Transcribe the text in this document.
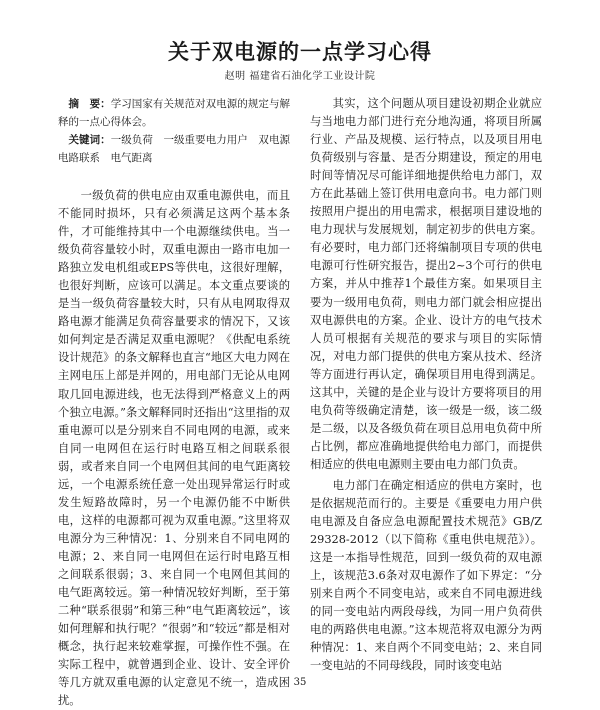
关于双电源的一点学习心得

赵明 福建省石油化学工业设计院

摘　要：学习国家有关规范对双电源的规定与解释的一点心得体会。

关键词：一级负荷　一级重要电力用户　双电源　电路联系　电气距离

一级负荷的供电应由双重电源供电，而且不能同时损坏，只有必须满足这两个基本条件，才可能维持其中一个电源继续供电。当一级负荷容量较小时，双重电源由一路市电加一路独立发电机组或EPS等供电，这很好理解，也很好判断，应该可以满足。本文重点要谈的是当一级负荷容量较大时，只有从电网取得双路电源才能满足负荷容量要求的情况下，又该如何判定是否满足双重电源呢？《供配电系统设计规范》的条文解释也直言“地区大电力网在主网电压上部是并网的，用电部门无论从电网取几回电源进线，也无法得到严格意义上的两个独立电源。”条文解释同时还指出“这里指的双重电源可以是分别来自不同电网的电源，或来自同一电网但在运行时电路互相之间联系很弱，或者来自同一个电网但其间的电气距离较远，一个电源系统任意一处出现异常运行时或发生短路故障时，另一个电源仍能不中断供电，这样的电源都可视为双重电源。”这里将双电源分为三种情况：1、分别来自不同电网的电源；2、来自同一电网但在运行时电路互相之间联系很弱；3、来自同一个电网但其间的电气距离较远。第一种情况较好判断，至于第二种“联系很弱”和第三种“电气距离较远”，该如何理解和执行呢？“很弱”和“较远”都是相对概念，执行起来较难掌握，可操作性不强。在实际工程中，就曾遇到企业、设计、安全评价等几方就双重电源的认定意见不统一，造成困扰。

其实，这个问题从项目建设初期企业就应与当地电力部门进行充分地沟通，将项目所属行业、产品及规模、运行特点，以及项目用电负荷级别与容量、是否分期建设，预定的用电时间等情况尽可能详细地提供给电力部门，双方在此基础上签订供用电意向书。电力部门则按照用户提出的用电需求，根据项目建设地的电力现状与发展规划，制定初步的供电方案。有必要时，电力部门还将编制项目专项的供电电源可行性研究报告，提出2~3个可行的供电方案，并从中推荐1个最佳方案。如果项目主要为一级用电负荷，则电力部门就会相应提出双电源供电的方案。企业、设计方的电气技术人员可根据有关规范的要求与项目的实际情况，对电力部门提供的供电方案从技术、经济等方面进行再认定，确保项目用电得到满足。这其中，关键的是企业与设计方要将项目的用电负荷等级确定清楚，该一级是一级，该二级是二级，以及各级负荷在项目总用电负荷中所占比例，都应准确地提供给电力部门，而提供相适应的供电电源则主要由电力部门负责。

电力部门在确定相适应的供电方案时，也是依据规范而行的。主要是《重要电力用户供电电源及自备应急电源配置技术规范》GB/Z 29328-2012（以下简称《重电供电规范》）。这是一本指导性规范，回到一级负荷的双电源上，该规范3.6条对双电源作了如下界定：“分别来自两个不同变电站，或来自不同电源进线的同一变电站内两段母线，为同一用户负荷供电的两路供电电源。”这本规范将双电源分为两种情况：1、来自两个不同变电站；2、来自同一变电站的不同母线段，同时该变电站

35
